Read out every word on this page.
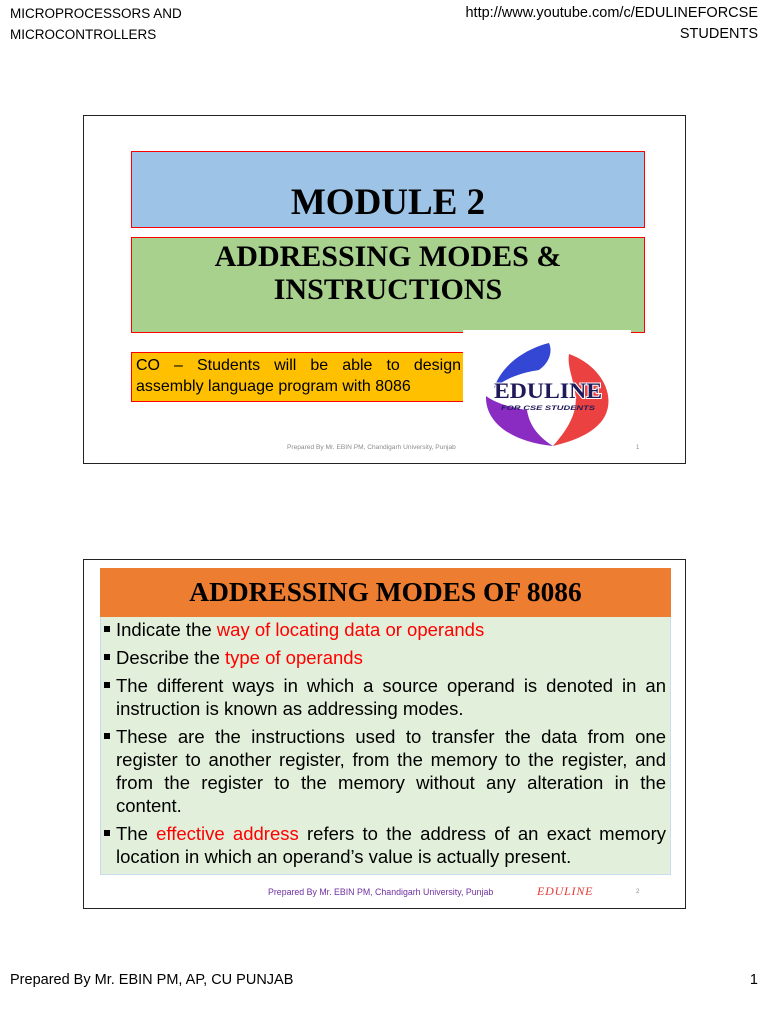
MICROPROCESSORS AND
MICROCONTROLLERS
http://www.youtube.com/c/EDULINEFORCSE
STUDENTS
MODULE 2
ADDRESSING MODES & INSTRUCTIONS
CO – Students will be able to design assembly language program with 8086	EDULINE
FOR CSE STUDENTS
Prepared By Mr. EBIN PM, Chandigarh University, Punjab	1
ADDRESSING MODES OF 8086
Indicate the way of locating data or operands
Describe the type of operands
The different ways in which a source operand is denoted in an instruction is known as addressing modes.
These are the instructions used to transfer the data from one register to another register, from the memory to the register, and from the register to the memory without any alteration in the content.
The effective address refers to the address of an exact memory location in which an operand’s value is actually present.
Prepared By Mr. EBIN PM, Chandigarh University, Punjab	EDULINE	2
Prepared By Mr. EBIN PM, AP, CU PUNJAB	1
